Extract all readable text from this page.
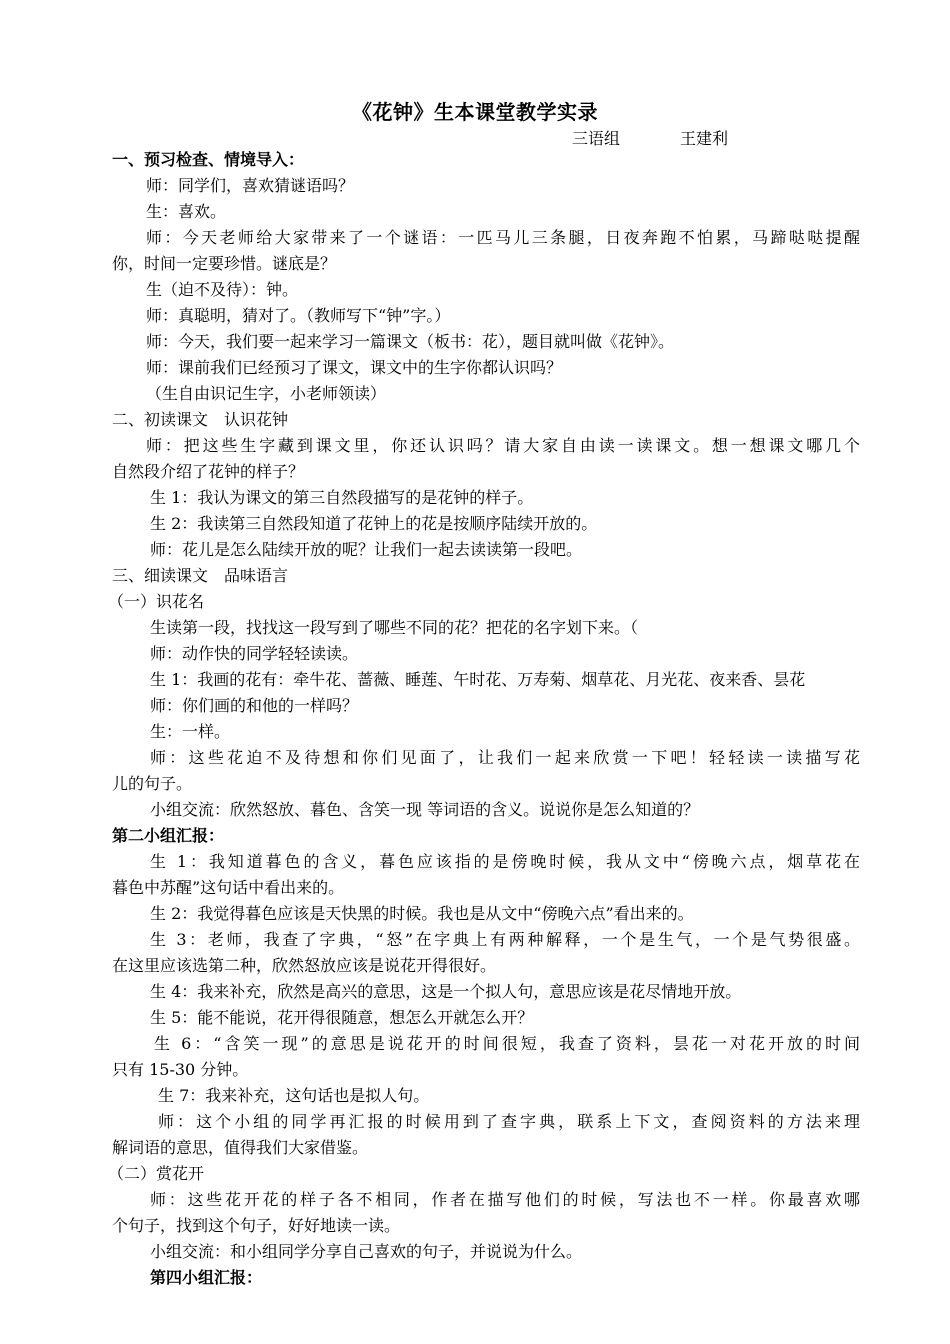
《花钟》生本课堂教学实录
三语组	王建利
一、预习检查、情境导入：
师：同学们，喜欢猜谜语吗？
生：喜欢。
师：今天老师给大家带来了一个谜语：一匹马儿三条腿，日夜奔跑不怕累，马蹄哒哒提醒
你，时间一定要珍惜。谜底是？
生（迫不及待）：钟。
师：真聪明，猜对了。（教师写下“钟”字。）
师：今天，我们要一起来学习一篇课文（板书：花），题目就叫做《花钟》。
师：课前我们已经预习了课文，课文中的生字你都认识吗？
（生自由识记生字，小老师领读）
二、初读课文　认识花钟
师：把这些生字藏到课文里，你还认识吗？请大家自由读一读课文。想一想课文哪几个
自然段介绍了花钟的样子？
生 1：我认为课文的第三自然段描写的是花钟的样子。
生 2：我读第三自然段知道了花钟上的花是按顺序陆续开放的。
师：花儿是怎么陆续开放的呢？让我们一起去读读第一段吧。
三、细读课文　品味语言
（一）识花名
生读第一段，找找这一段写到了哪些不同的花？把花的名字划下来。（
师：动作快的同学轻轻读读。
生 1：我画的花有：牵牛花、蔷薇、睡莲、午时花、万寿菊、烟草花、月光花、夜来香、昙花
师：你们画的和他的一样吗？
生：一样。
师：这些花迫不及待想和你们见面了，让我们一起来欣赏一下吧！轻轻读一读描写花
儿的句子。
小组交流：欣然怒放、暮色、含笑一现 等词语的含义。说说你是怎么知道的？
第二小组汇报：
生 1：我知道暮色的含义，暮色应该指的是傍晚时候，我从文中“傍晚六点，烟草花在
暮色中苏醒”这句话中看出来的。
生 2：我觉得暮色应该是天快黑的时候。我也是从文中“傍晚六点”看出来的。
生 3：老师，我查了字典，“怒”在字典上有两种解释，一个是生气，一个是气势很盛。
在这里应该选第二种，欣然怒放应该是说花开得很好。
生 4：我来补充，欣然是高兴的意思，这是一个拟人句，意思应该是花尽情地开放。
生 5：能不能说，花开得很随意，想怎么开就怎么开？
生 6：“含笑一现”的意思是说花开的时间很短，我查了资料，昙花一对花开放的时间
只有 15-30 分钟。
生 7：我来补充，这句话也是拟人句。
师：这个小组的同学再汇报的时候用到了查字典，联系上下文，查阅资料的方法来理
解词语的意思，值得我们大家借鉴。
（二）赏花开
师：这些花开花的样子各不相同，作者在描写他们的时候，写法也不一样。你最喜欢哪
个句子，找到这个句子，好好地读一读。
小组交流：和小组同学分享自己喜欢的句子，并说说为什么。
第四小组汇报：
